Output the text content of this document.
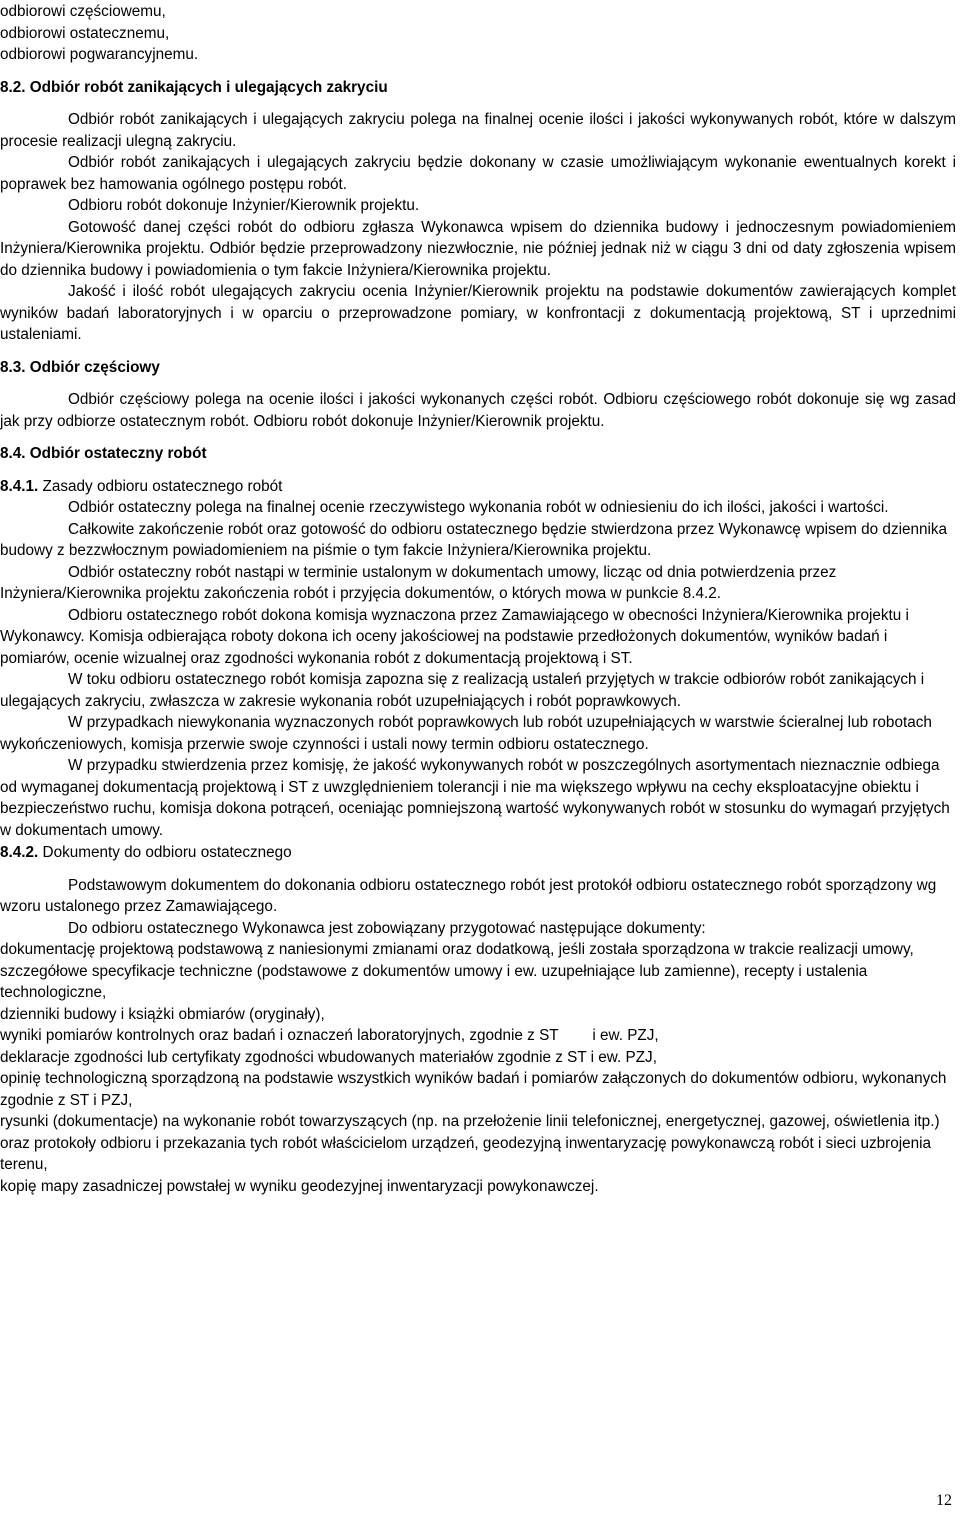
odbiorowi częściowemu,

odbiorowi ostatecznemu,

odbiorowi pogwarancyjnemu.

8.2. Odbiór robót zanikających i ulegających zakryciu

Odbiór robót zanikających i ulegających zakryciu polega na finalnej ocenie ilości i jakości wykonywanych robót, które w dalszym procesie realizacji ulegną zakryciu.

Odbiór robót zanikających i ulegających zakryciu będzie dokonany w czasie umożliwiającym wykonanie ewentualnych korekt i poprawek bez hamowania ogólnego postępu robót.

Odbioru robót dokonuje Inżynier/Kierownik projektu.

Gotowość danej części robót do odbioru zgłasza Wykonawca wpisem do dziennika budowy i jednoczesnym powiadomieniem Inżyniera/Kierownika projektu. Odbiór będzie przeprowadzony niezwłocznie, nie później jednak niż w ciągu 3 dni od daty zgłoszenia wpisem do dziennika budowy i powiadomienia o tym fakcie Inżyniera/Kierownika projektu.

Jakość i ilość robót ulegających zakryciu ocenia Inżynier/Kierownik projektu na podstawie dokumentów zawierających komplet wyników badań laboratoryjnych i w oparciu o przeprowadzone pomiary, w konfrontacji z dokumentacją projektową, ST i uprzednimi ustaleniami.

8.3. Odbiór częściowy

Odbiór częściowy polega na ocenie ilości i jakości wykonanych części robót. Odbioru częściowego robót dokonuje się wg zasad jak przy odbiorze ostatecznym robót. Odbioru robót dokonuje Inżynier/Kierownik projektu.

8.4. Odbiór ostateczny robót

8.4.1. Zasady odbioru ostatecznego robót

Odbiór ostateczny polega na finalnej ocenie rzeczywistego wykonania robót w odniesieniu do ich ilości, jakości i wartości.

Całkowite zakończenie robót oraz gotowość do odbioru ostatecznego będzie stwierdzona przez Wykonawcę wpisem do dziennika budowy z bezzwłocznym powiadomieniem na piśmie o tym fakcie Inżyniera/Kierownika projektu.

Odbiór ostateczny robót nastąpi w terminie ustalonym w dokumentach umowy, licząc od dnia potwierdzenia przez Inżyniera/Kierownika projektu zakończenia robót i przyjęcia dokumentów, o których mowa w punkcie 8.4.2.

Odbioru ostatecznego robót dokona komisja wyznaczona przez Zamawiającego w obecności Inżyniera/Kierownika projektu i Wykonawcy. Komisja odbierająca roboty dokona ich oceny jakościowej na podstawie przedłożonych dokumentów, wyników badań i pomiarów, ocenie wizualnej oraz zgodności wykonania robót z dokumentacją projektową i ST.

W toku odbioru ostatecznego robót komisja zapozna się z realizacją ustaleń przyjętych w trakcie odbiorów robót zanikających i ulegających zakryciu, zwłaszcza w zakresie wykonania robót uzupełniających i robót poprawkowych.

W przypadkach niewykonania wyznaczonych robót poprawkowych lub robót uzupełniających w warstwie ścieralnej lub robotach wykończeniowych, komisja przerwie swoje czynności i ustali nowy termin odbioru ostatecznego.

W przypadku stwierdzenia przez komisję, że jakość wykonywanych robót w poszczególnych asortymentach nieznacznie odbiega od wymaganej dokumentacją projektową i ST z uwzględnieniem tolerancji i nie ma większego wpływu na cechy eksploatacyjne obiektu i bezpieczeństwo ruchu, komisja dokona potrąceń, oceniając pomniejszoną wartość wykonywanych robót w stosunku do wymagań przyjętych w dokumentach umowy.

8.4.2. Dokumenty do odbioru ostatecznego

Podstawowym dokumentem do dokonania odbioru ostatecznego robót jest protokół odbioru ostatecznego robót sporządzony wg wzoru ustalonego przez Zamawiającego.

Do odbioru ostatecznego Wykonawca jest zobowiązany przygotować następujące dokumenty:

dokumentację projektową podstawową z naniesionymi zmianami oraz dodatkową, jeśli została sporządzona w trakcie realizacji umowy,

szczegółowe specyfikacje techniczne (podstawowe z dokumentów umowy i ew. uzupełniające lub zamienne), recepty i ustalenia technologiczne,

dzienniki budowy i książki obmiarów (oryginały),

wyniki pomiarów kontrolnych oraz badań i oznaczeń laboratoryjnych, zgodnie z ST        i ew. PZJ,

deklaracje zgodności lub certyfikaty zgodności wbudowanych materiałów zgodnie z ST i ew. PZJ,

opinię technologiczną sporządzoną na podstawie wszystkich wyników badań i pomiarów załączonych do dokumentów odbioru, wykonanych zgodnie z ST i PZJ,

rysunki (dokumentacje) na wykonanie robót towarzyszących (np. na przełożenie linii telefonicznej, energetycznej, gazowej, oświetlenia itp.) oraz protokoły odbioru i przekazania tych robót właścicielom urządzeń, geodezyjną inwentaryzację powykonawczą robót i sieci uzbrojenia terenu,

kopię mapy zasadniczej powstałej w wyniku geodezyjnej inwentaryzacji powykonawczej.

12
